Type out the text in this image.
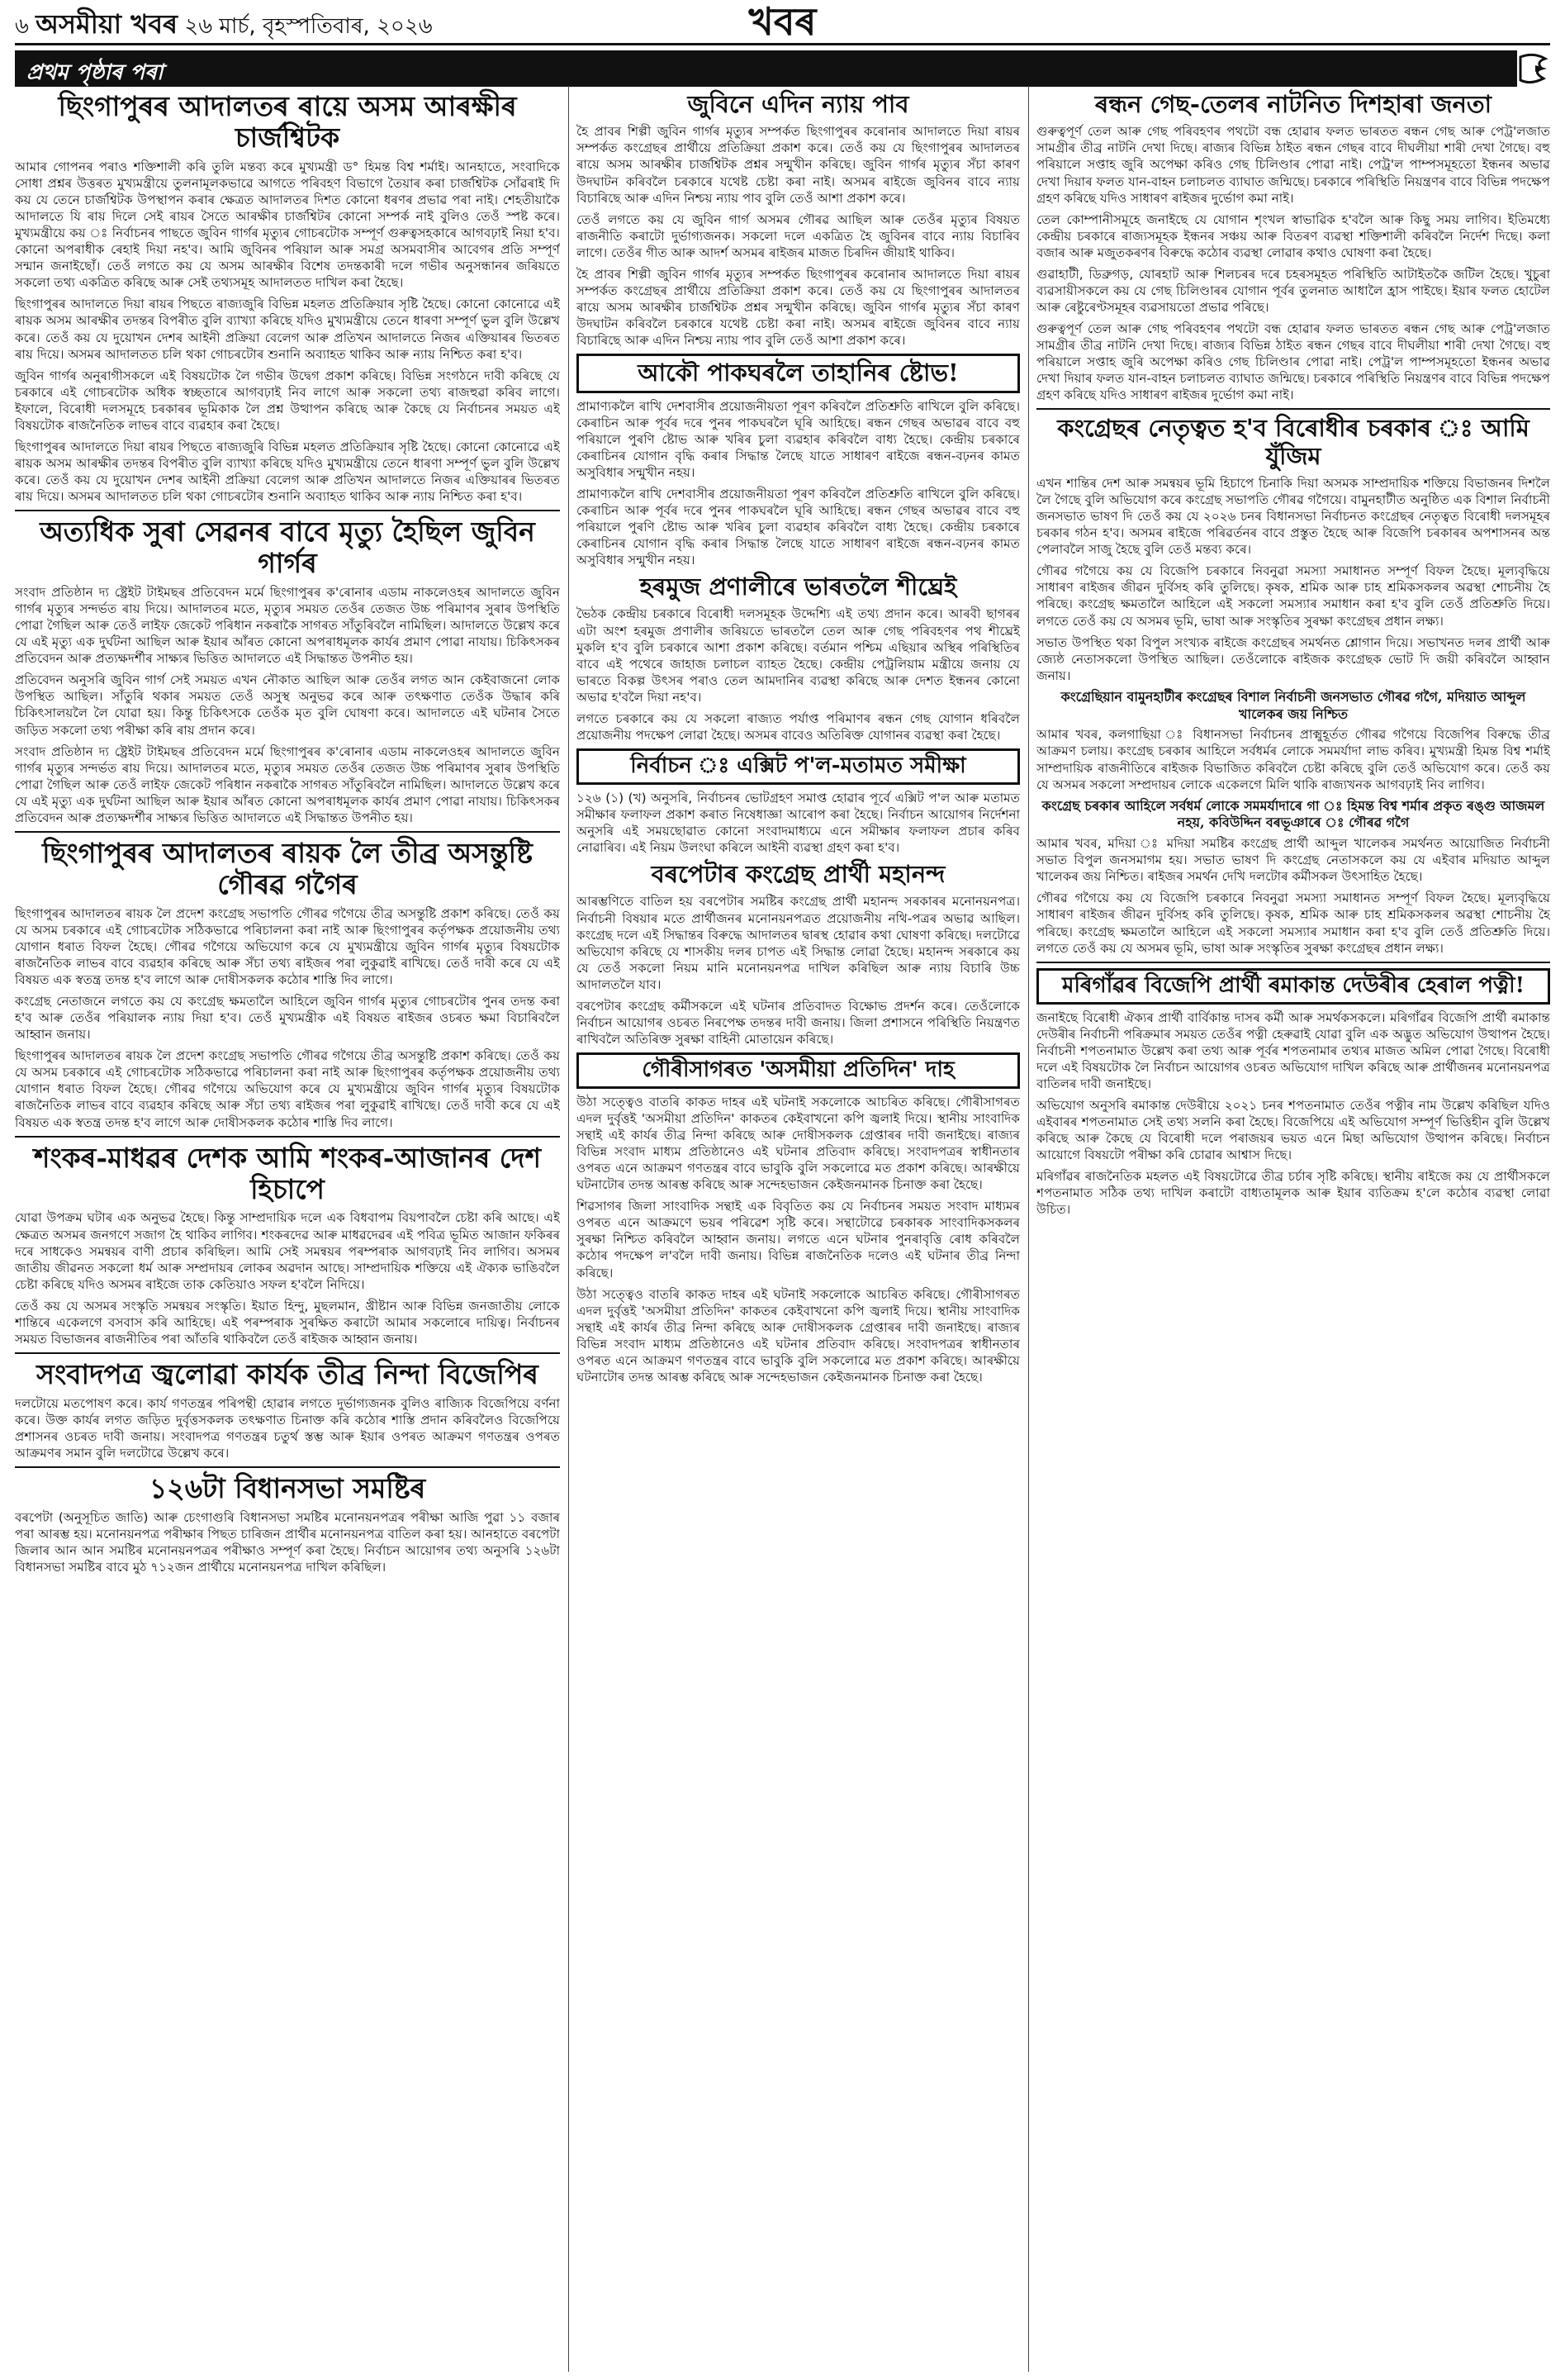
৬ অসমীয়া খবৰ ২৬ মাৰ্চ, বৃহস্পতিবাৰ, ২০২৬	খবৰ
প্ৰথম পৃষ্ঠাৰ পৰা
ছিংগাপুৰৰ আদালতৰ ৰায়ে অসম আৰক্ষীৰ চাৰ্জশ্বিটক

আমাৰ গোপনৰ পৰাও শক্তিশালী কৰি তুলি মন্তব্য কৰে মুখ্যমন্ত্ৰী ড° হিমন্ত বিশ্ব শৰ্মাই। আনহাতে, সংবাদিকে সোধা প্ৰশ্নৰ উত্তৰত মুখ্যমন্ত্ৰীয়ে তুলনামূলকভাৱে আগতে পৰিবহণ বিভাগে তৈয়াৰ কৰা চাৰ্জশ্বিটক সোঁৱৰাই দি কয় যে তেনে চাৰ্জশ্বিটক উপস্থাপন কৰাৰ ক্ষেত্ৰত আদালতৰ দিশত কোনো ধৰণৰ প্ৰভাৱ পৰা নাই। শেহতীয়াকৈ আদালতে যি ৰায় দিলে সেই ৰায়ৰ সৈতে আৰক্ষীৰ চাৰ্জশ্বিটৰ কোনো সম্পৰ্ক নাই বুলিও তেওঁ স্পষ্ট কৰে। মুখ্যমন্ত্ৰীয়ে কয় ঃ নিৰ্বাচনৰ পাছতে জুবিন গাৰ্গৰ মৃত্যুৰ গোচৰটোক সম্পূৰ্ণ গুৰুত্বসহকাৰে আগবঢ়াই নিয়া হ'ব। কোনো অপৰাধীক ৰেহাই দিয়া নহ'ব। আমি জুবিনৰ পৰিয়াল আৰু সমগ্ৰ অসমবাসীৰ আবেগৰ প্ৰতি সম্পূৰ্ণ সন্মান জনাইছোঁ। তেওঁ লগতে কয় যে অসম আৰক্ষীৰ বিশেষ তদন্তকাৰী দলে গভীৰ অনুসন্ধানৰ জৰিয়তে সকলো তথ্য একত্ৰিত কৰিছে আৰু সেই তথ্যসমূহ আদালতত দাখিল কৰা হৈছে।

ছিংগাপুৰৰ আদালতে দিয়া ৰায়ৰ পিছতে ৰাজ্যজুৰি বিভিন্ন মহলত প্ৰতিক্ৰিয়াৰ সৃষ্টি হৈছে। কোনো কোনোৱে এই ৰায়ক অসম আৰক্ষীৰ তদন্তৰ বিপৰীত বুলি ব্যাখ্যা কৰিছে যদিও মুখ্যমন্ত্ৰীয়ে তেনে ধাৰণা সম্পূৰ্ণ ভুল বুলি উল্লেখ কৰে। তেওঁ কয় যে দুয়োখন দেশৰ আইনী প্ৰক্ৰিয়া বেলেগ আৰু প্ৰতিখন আদালতে নিজৰ এক্তিয়াৰৰ ভিতৰত ৰায় দিয়ে। অসমৰ আদালতত চলি থকা গোচৰটোৰ শুনানি অব্যাহত থাকিব আৰু ন্যায় নিশ্চিত কৰা হ'ব।

জুবিন গাৰ্গৰ অনুৰাগীসকলে এই বিষয়টোক লৈ গভীৰ উদ্বেগ প্ৰকাশ কৰিছে। বিভিন্ন সংগঠনে দাবী কৰিছে যে চৰকাৰে এই গোচৰটোক অধিক স্বচ্ছতাৰে আগবঢ়াই নিব লাগে আৰু সকলো তথ্য ৰাজহুৱা কৰিব লাগে। ইফালে, বিৰোধী দলসমূহে চৰকাৰৰ ভূমিকাক লৈ প্ৰশ্ন উত্থাপন কৰিছে আৰু কৈছে যে নিৰ্বাচনৰ সময়ত এই বিষয়টোক ৰাজনৈতিক লাভৰ বাবে ব্যৱহাৰ কৰা হৈছে।

ছিংগাপুৰৰ আদালতে দিয়া ৰায়ৰ পিছতে ৰাজ্যজুৰি বিভিন্ন মহলত প্ৰতিক্ৰিয়াৰ সৃষ্টি হৈছে। কোনো কোনোৱে এই ৰায়ক অসম আৰক্ষীৰ তদন্তৰ বিপৰীত বুলি ব্যাখ্যা কৰিছে যদিও মুখ্যমন্ত্ৰীয়ে তেনে ধাৰণা সম্পূৰ্ণ ভুল বুলি উল্লেখ কৰে। তেওঁ কয় যে দুয়োখন দেশৰ আইনী প্ৰক্ৰিয়া বেলেগ আৰু প্ৰতিখন আদালতে নিজৰ এক্তিয়াৰৰ ভিতৰত ৰায় দিয়ে। অসমৰ আদালতত চলি থকা গোচৰটোৰ শুনানি অব্যাহত থাকিব আৰু ন্যায় নিশ্চিত কৰা হ'ব।

অত্যধিক সুৰা সেৱনৰ বাবে মৃত্যু হৈছিল জুবিন গাৰ্গৰ

সংবাদ প্ৰতিষ্ঠান দ্য ষ্ট্ৰেইট টাইমছৰ প্ৰতিবেদন মৰ্মে ছিংগাপুৰৰ ক'ৰোনাৰ এডাম নাকলেওহৰ আদালতে জুবিন গাৰ্গৰ মৃত্যুৰ সন্দৰ্ভত ৰায় দিয়ে। আদালতৰ মতে, মৃত্যুৰ সময়ত তেওঁৰ তেজত উচ্চ পৰিমাণৰ সুৰাৰ উপস্থিতি পোৱা গৈছিল আৰু তেওঁ লাইফ জেকেট পৰিধান নকৰাকৈ সাগৰত সাঁতুৰিবলৈ নামিছিল। আদালতে উল্লেখ কৰে যে এই মৃত্যু এক দুৰ্ঘটনা আছিল আৰু ইয়াৰ আঁৰত কোনো অপৰাধমূলক কাৰ্যৰ প্ৰমাণ পোৱা নাযায়। চিকিৎসকৰ প্ৰতিবেদন আৰু প্ৰত্যক্ষদৰ্শীৰ সাক্ষ্যৰ ভিত্তিত আদালতে এই সিদ্ধান্তত উপনীত হয়।

প্ৰতিবেদন অনুসৰি জুবিন গাৰ্গ সেই সময়ত এখন নৌকাত আছিল আৰু তেওঁৰ লগত আন কেইবাজনো লোক উপস্থিত আছিল। সাঁতুৰি থকাৰ সময়ত তেওঁ অসুস্থ অনুভৱ কৰে আৰু তৎক্ষণাত তেওঁক উদ্ধাৰ কৰি চিকিৎসালয়লৈ লৈ যোৱা হয়। কিন্তু চিকিৎসকে তেওঁক মৃত বুলি ঘোষণা কৰে। আদালতে এই ঘটনাৰ সৈতে জড়িত সকলো তথ্য পৰীক্ষা কৰি ৰায় প্ৰদান কৰে।

সংবাদ প্ৰতিষ্ঠান দ্য ষ্ট্ৰেইট টাইমছৰ প্ৰতিবেদন মৰ্মে ছিংগাপুৰৰ ক'ৰোনাৰ এডাম নাকলেওহৰ আদালতে জুবিন গাৰ্গৰ মৃত্যুৰ সন্দৰ্ভত ৰায় দিয়ে। আদালতৰ মতে, মৃত্যুৰ সময়ত তেওঁৰ তেজত উচ্চ পৰিমাণৰ সুৰাৰ উপস্থিতি পোৱা গৈছিল আৰু তেওঁ লাইফ জেকেট পৰিধান নকৰাকৈ সাগৰত সাঁতুৰিবলৈ নামিছিল। আদালতে উল্লেখ কৰে যে এই মৃত্যু এক দুৰ্ঘটনা আছিল আৰু ইয়াৰ আঁৰত কোনো অপৰাধমূলক কাৰ্যৰ প্ৰমাণ পোৱা নাযায়। চিকিৎসকৰ প্ৰতিবেদন আৰু প্ৰত্যক্ষদৰ্শীৰ সাক্ষ্যৰ ভিত্তিত আদালতে এই সিদ্ধান্তত উপনীত হয়।

ছিংগাপুৰৰ আদালতৰ ৰায়ক লৈ তীব্ৰ অসন্তুষ্টি গৌৰৱ গগৈৰ

ছিংগাপুৰৰ আদালতৰ ৰায়ক লৈ প্ৰদেশ কংগ্ৰেছ সভাপতি গৌৰৱ গগৈয়ে তীব্ৰ অসন্তুষ্টি প্ৰকাশ কৰিছে। তেওঁ কয় যে অসম চৰকাৰে এই গোচৰটোক সঠিকভাৱে পৰিচালনা কৰা নাই আৰু ছিংগাপুৰৰ কৰ্তৃপক্ষক প্ৰয়োজনীয় তথ্য যোগান ধৰাত বিফল হৈছে। গৌৰৱ গগৈয়ে অভিযোগ কৰে যে মুখ্যমন্ত্ৰীয়ে জুবিন গাৰ্গৰ মৃত্যুৰ বিষয়টোক ৰাজনৈতিক লাভৰ বাবে ব্যৱহাৰ কৰিছে আৰু সঁচা তথ্য ৰাইজৰ পৰা লুকুৱাই ৰাখিছে। তেওঁ দাবী কৰে যে এই বিষয়ত এক স্বতন্ত্ৰ তদন্ত হ'ব লাগে আৰু দোষীসকলক কঠোৰ শাস্তি দিব লাগে।

কংগ্ৰেছ নেতাজনে লগতে কয় যে কংগ্ৰেছ ক্ষমতালৈ আহিলে জুবিন গাৰ্গৰ মৃত্যুৰ গোচৰটোৰ পুনৰ তদন্ত কৰা হ'ব আৰু তেওঁৰ পৰিয়ালক ন্যায় দিয়া হ'ব। তেওঁ মুখ্যমন্ত্ৰীক এই বিষয়ত ৰাইজৰ ওচৰত ক্ষমা বিচাৰিবলৈ আহ্বান জনায়।

ছিংগাপুৰৰ আদালতৰ ৰায়ক লৈ প্ৰদেশ কংগ্ৰেছ সভাপতি গৌৰৱ গগৈয়ে তীব্ৰ অসন্তুষ্টি প্ৰকাশ কৰিছে। তেওঁ কয় যে অসম চৰকাৰে এই গোচৰটোক সঠিকভাৱে পৰিচালনা কৰা নাই আৰু ছিংগাপুৰৰ কৰ্তৃপক্ষক প্ৰয়োজনীয় তথ্য যোগান ধৰাত বিফল হৈছে। গৌৰৱ গগৈয়ে অভিযোগ কৰে যে মুখ্যমন্ত্ৰীয়ে জুবিন গাৰ্গৰ মৃত্যুৰ বিষয়টোক ৰাজনৈতিক লাভৰ বাবে ব্যৱহাৰ কৰিছে আৰু সঁচা তথ্য ৰাইজৰ পৰা লুকুৱাই ৰাখিছে। তেওঁ দাবী কৰে যে এই বিষয়ত এক স্বতন্ত্ৰ তদন্ত হ'ব লাগে আৰু দোষীসকলক কঠোৰ শাস্তি দিব লাগে।

শংকৰ-মাধৱৰ দেশক আমি শংকৰ-আজানৰ দেশ হিচাপে

যোৱা উপক্ৰম ঘটাৰ এক অনুভৱ হৈছে। কিন্তু সাম্প্ৰদায়িক দলে এক বিধবাপম বিয়পাবলৈ চেষ্টা কৰি আছে। এই ক্ষেত্ৰত অসমৰ জনগণে সজাগ হৈ থাকিব লাগিব। শংকৰদেৱ আৰু মাধৱদেৱৰ এই পবিত্ৰ ভূমিত আজান ফকিৰৰ দৰে সাধকেও সমন্বয়ৰ বাণী প্ৰচাৰ কৰিছিল। আমি সেই সমন্বয়ৰ পৰম্পৰাক আগবঢ়াই নিব লাগিব। অসমৰ জাতীয় জীৱনত সকলো ধৰ্ম আৰু সম্প্ৰদায়ৰ লোকৰ অৱদান আছে। সাম্প্ৰদায়িক শক্তিয়ে এই ঐক্যক ভাঙিবলৈ চেষ্টা কৰিছে যদিও অসমৰ ৰাইজে তাক কেতিয়াও সফল হ'বলৈ নিদিয়ে।

তেওঁ কয় যে অসমৰ সংস্কৃতি সমন্বয়ৰ সংস্কৃতি। ইয়াত হিন্দু, মুছলমান, খ্ৰীষ্টান আৰু বিভিন্ন জনজাতীয় লোকে শান্তিৰে একেলগে বসবাস কৰি আহিছে। এই পৰম্পৰাক সুৰক্ষিত কৰাটো আমাৰ সকলোৰে দায়িত্ব। নিৰ্বাচনৰ সময়ত বিভাজনৰ ৰাজনীতিৰ পৰা আঁতৰি থাকিবলৈ তেওঁ ৰাইজক আহ্বান জনায়।

সংবাদপত্ৰ জ্বলোৱা কাৰ্যক তীব্ৰ নিন্দা বিজেপিৰ

দলটোয়ে মতপোষণ কৰে। কাৰ্য গণতন্ত্ৰৰ পৰিপন্থী হোৱাৰ লগতে দুৰ্ভাগ্যজনক বুলিও ৰাজ্যিক বিজেপিয়ে বৰ্ণনা কৰে। উক্ত কাৰ্যৰ লগত জড়িত দুৰ্বৃত্তসকলক তৎক্ষণাত চিনাক্ত কৰি কঠোৰ শাস্তি প্ৰদান কৰিবলৈও বিজেপিয়ে প্ৰশাসনৰ ওচৰত দাবী জনায়। সংবাদপত্ৰ গণতন্ত্ৰৰ চতুৰ্থ স্তম্ভ আৰু ইয়াৰ ওপৰত আক্ৰমণ গণতন্ত্ৰৰ ওপৰত আক্ৰমণৰ সমান বুলি দলটোৱে উল্লেখ কৰে।

১২৬টা বিধানসভা সমষ্টিৰ

বৰপেটা (অনুসূচিত জাতি) আৰু চেংগাগুৰি বিধানসভা সমষ্টিৰ মনোনয়নপত্ৰৰ পৰীক্ষা আজি পুৱা ১১ বজাৰ পৰা আৰম্ভ হয়। মনোনয়নপত্ৰ পৰীক্ষাৰ পিছত চাৰিজন প্ৰাৰ্থীৰ মনোনয়নপত্ৰ বাতিল কৰা হয়। আনহাতে বৰপেটা জিলাৰ আন আন সমষ্টিৰ মনোনয়নপত্ৰৰ পৰীক্ষাও সম্পূৰ্ণ কৰা হৈছে। নিৰ্বাচন আয়োগৰ তথ্য অনুসৰি ১২৬টা বিধানসভা সমষ্টিৰ বাবে মুঠ ৭১২জন প্ৰাৰ্থীয়ে মনোনয়নপত্ৰ দাখিল কৰিছিল।

জুবিনে এদিন ন্যায় পাব

হৈ প্ৰাবৰ শিল্পী জুবিন গাৰ্গৰ মৃত্যুৰ সম্পৰ্কত ছিংগাপুৰৰ কৰোনাৰ আদালতে দিয়া ৰায়ৰ সম্পৰ্কত কংগ্ৰেছৰ প্ৰাৰ্থীয়ে প্ৰতিক্ৰিয়া প্ৰকাশ কৰে। তেওঁ কয় যে ছিংগাপুৰৰ আদালতৰ ৰায়ে অসম আৰক্ষীৰ চাৰ্জশ্বিটক প্ৰশ্নৰ সন্মুখীন কৰিছে। জুবিন গাৰ্গৰ মৃত্যুৰ সঁচা কাৰণ উদঘাটন কৰিবলৈ চৰকাৰে যথেষ্ট চেষ্টা কৰা নাই। অসমৰ ৰাইজে জুবিনৰ বাবে ন্যায় বিচাৰিছে আৰু এদিন নিশ্চয় ন্যায় পাব বুলি তেওঁ আশা প্ৰকাশ কৰে।

তেওঁ লগতে কয় যে জুবিন গাৰ্গ অসমৰ গৌৰৱ আছিল আৰু তেওঁৰ মৃত্যুৰ বিষয়ত ৰাজনীতি কৰাটো দুৰ্ভাগ্যজনক। সকলো দলে একত্ৰিত হৈ জুবিনৰ বাবে ন্যায় বিচাৰিব লাগে। তেওঁৰ গীত আৰু আদৰ্শ অসমৰ ৰাইজৰ মাজত চিৰদিন জীয়াই থাকিব।

হৈ প্ৰাবৰ শিল্পী জুবিন গাৰ্গৰ মৃত্যুৰ সম্পৰ্কত ছিংগাপুৰৰ কৰোনাৰ আদালতে দিয়া ৰায়ৰ সম্পৰ্কত কংগ্ৰেছৰ প্ৰাৰ্থীয়ে প্ৰতিক্ৰিয়া প্ৰকাশ কৰে। তেওঁ কয় যে ছিংগাপুৰৰ আদালতৰ ৰায়ে অসম আৰক্ষীৰ চাৰ্জশ্বিটক প্ৰশ্নৰ সন্মুখীন কৰিছে। জুবিন গাৰ্গৰ মৃত্যুৰ সঁচা কাৰণ উদঘাটন কৰিবলৈ চৰকাৰে যথেষ্ট চেষ্টা কৰা নাই। অসমৰ ৰাইজে জুবিনৰ বাবে ন্যায় বিচাৰিছে আৰু এদিন নিশ্চয় ন্যায় পাব বুলি তেওঁ আশা প্ৰকাশ কৰে।

আকৌ পাকঘৰলৈ তাহানিৰ ষ্টোভ!

প্ৰামাণ্যকলৈ ৰাখি দেশবাসীৰ প্ৰয়োজনীয়তা পূৰণ কৰিবলৈ প্ৰতিশ্ৰুতি ৰাখিলে বুলি কৰিছে। কেৰাচিন আৰু পূৰ্বৰ দৰে পুনৰ পাকঘৰলৈ ঘূৰি আহিছে। ৰন্ধন গেছৰ অভাৱৰ বাবে বহু পৰিয়ালে পুৰণি ষ্টোভ আৰু খৰিৰ চুলা ব্যৱহাৰ কৰিবলৈ বাধ্য হৈছে। কেন্দ্ৰীয় চৰকাৰে কেৰাচিনৰ যোগান বৃদ্ধি কৰাৰ সিদ্ধান্ত লৈছে যাতে সাধাৰণ ৰাইজে ৰন্ধন-বঢ়নৰ কামত অসুবিধাৰ সন্মুখীন নহয়।

প্ৰামাণ্যকলৈ ৰাখি দেশবাসীৰ প্ৰয়োজনীয়তা পূৰণ কৰিবলৈ প্ৰতিশ্ৰুতি ৰাখিলে বুলি কৰিছে। কেৰাচিন আৰু পূৰ্বৰ দৰে পুনৰ পাকঘৰলৈ ঘূৰি আহিছে। ৰন্ধন গেছৰ অভাৱৰ বাবে বহু পৰিয়ালে পুৰণি ষ্টোভ আৰু খৰিৰ চুলা ব্যৱহাৰ কৰিবলৈ বাধ্য হৈছে। কেন্দ্ৰীয় চৰকাৰে কেৰাচিনৰ যোগান বৃদ্ধি কৰাৰ সিদ্ধান্ত লৈছে যাতে সাধাৰণ ৰাইজে ৰন্ধন-বঢ়নৰ কামত অসুবিধাৰ সন্মুখীন নহয়।

হৰমুজ প্ৰণালীৰে ভাৰতলৈ শীঘ্ৰেই

ভৈঠক কেন্দ্ৰীয় চৰকাৰে বিৰোধী দলসমূহক উদ্দেশ্যি এই তথ্য প্ৰদান কৰে। আৰবী ছাগৰৰ এটা অংশ হৰমুজ প্ৰণালীৰ জৰিয়তে ভাৰতলৈ তেল আৰু গেছ পৰিবহণৰ পথ শীঘ্ৰেই মুকলি হ'ব বুলি চৰকাৰে আশা প্ৰকাশ কৰিছে। বৰ্তমান পশ্চিম এছিয়াৰ অস্থিৰ পৰিস্থিতিৰ বাবে এই পথেৰে জাহাজ চলাচল ব্যাহত হৈছে। কেন্দ্ৰীয় পেট্ৰলিয়াম মন্ত্ৰীয়ে জনায় যে ভাৰতে বিকল্প উৎসৰ পৰাও তেল আমদানিৰ ব্যৱস্থা কৰিছে আৰু দেশত ইন্ধনৰ কোনো অভাৱ হ'বলৈ দিয়া নহ'ব।

লগতে চৰকাৰে কয় যে সকলো ৰাজ্যত পৰ্যাপ্ত পৰিমাণৰ ৰন্ধন গেছ যোগান ধৰিবলৈ প্ৰয়োজনীয় পদক্ষেপ লোৱা হৈছে। অসমৰ বাবেও অতিৰিক্ত যোগানৰ ব্যৱস্থা কৰা হৈছে।

নিৰ্বাচন ঃ এক্সিট প'ল-মতামত সমীক্ষা

১২৬ (১) (খ) অনুসৰি, নিৰ্বাচনৰ ভোটগ্ৰহণ সমাপ্ত হোৱাৰ পূৰ্বে এক্সিট প'ল আৰু মতামত সমীক্ষাৰ ফলাফল প্ৰকাশ কৰাত নিষেধাজ্ঞা আৰোপ কৰা হৈছে। নিৰ্বাচন আয়োগৰ নিৰ্দেশনা অনুসৰি এই সময়ছোৱাত কোনো সংবাদমাধ্যমে এনে সমীক্ষাৰ ফলাফল প্ৰচাৰ কৰিব নোৱাৰিব। এই নিয়ম উলংঘা কৰিলে আইনী ব্যৱস্থা গ্ৰহণ কৰা হ'ব।

বৰপেটাৰ কংগ্ৰেছ প্ৰাৰ্থী মহানন্দ

আৰম্ভণিতে বাতিল হয় বৰপেটাৰ সমষ্টিৰ কংগ্ৰেছ প্ৰাৰ্থী মহানন্দ সৰকাৰৰ মনোনয়নপত্ৰ। নিৰ্বাচনী বিষয়াৰ মতে প্ৰাৰ্থীজনৰ মনোনয়নপত্ৰত প্ৰয়োজনীয় নথি-পত্ৰৰ অভাৱ আছিল। কংগ্ৰেছ দলে এই সিদ্ধান্তৰ বিৰুদ্ধে আদালতৰ দ্বাৰস্থ হোৱাৰ কথা ঘোষণা কৰিছে। দলটোৱে অভিযোগ কৰিছে যে শাসকীয় দলৰ চাপত এই সিদ্ধান্ত লোৱা হৈছে। মহানন্দ সৰকাৰে কয় যে তেওঁ সকলো নিয়ম মানি মনোনয়নপত্ৰ দাখিল কৰিছিল আৰু ন্যায় বিচাৰি উচ্চ আদালতলৈ যাব।

বৰপেটাৰ কংগ্ৰেছ কৰ্মীসকলে এই ঘটনাৰ প্ৰতিবাদত বিক্ষোভ প্ৰদৰ্শন কৰে। তেওঁলোকে নিৰ্বাচন আয়োগৰ ওচৰত নিৰপেক্ষ তদন্তৰ দাবী জনায়। জিলা প্ৰশাসনে পৰিস্থিতি নিয়ন্ত্ৰণত ৰাখিবলৈ অতিৰিক্ত সুৰক্ষা বাহিনী মোতায়েন কৰিছে।

গৌৰীসাগৰত 'অসমীয়া প্ৰতিদিন' দাহ

উঠা সত্ত্বেও বাতৰি কাকত দাহৰ এই ঘটনাই সকলোকে আচৰিত কৰিছে। গৌৰীসাগৰত এদল দুৰ্বৃত্তই 'অসমীয়া প্ৰতিদিন' কাকতৰ কেইবাখনো কপি জ্বলাই দিয়ে। স্থানীয় সাংবাদিক সন্থাই এই কাৰ্যৰ তীব্ৰ নিন্দা কৰিছে আৰু দোষীসকলক গ্ৰেপ্তাৰৰ দাবী জনাইছে। ৰাজ্যৰ বিভিন্ন সংবাদ মাধ্যম প্ৰতিষ্ঠানেও এই ঘটনাৰ প্ৰতিবাদ কৰিছে। সংবাদপত্ৰৰ স্বাধীনতাৰ ওপৰত এনে আক্ৰমণ গণতন্ত্ৰৰ বাবে ভাবুকি বুলি সকলোৱে মত প্ৰকাশ কৰিছে। আৰক্ষীয়ে ঘটনাটোৰ তদন্ত আৰম্ভ কৰিছে আৰু সন্দেহভাজন কেইজনমানক চিনাক্ত কৰা হৈছে।

শিৱসাগৰ জিলা সাংবাদিক সন্থাই এক বিবৃতিত কয় যে নিৰ্বাচনৰ সময়ত সংবাদ মাধ্যমৰ ওপৰত এনে আক্ৰমণে ভয়ৰ পৰিৱেশ সৃষ্টি কৰে। সন্থাটোৱে চৰকাৰক সাংবাদিকসকলৰ সুৰক্ষা নিশ্চিত কৰিবলৈ আহ্বান জনায়। লগতে এনে ঘটনাৰ পুনৰাবৃত্তি ৰোধ কৰিবলৈ কঠোৰ পদক্ষেপ ল'বলৈ দাবী জনায়। বিভিন্ন ৰাজনৈতিক দলেও এই ঘটনাৰ তীব্ৰ নিন্দা কৰিছে।

উঠা সত্ত্বেও বাতৰি কাকত দাহৰ এই ঘটনাই সকলোকে আচৰিত কৰিছে। গৌৰীসাগৰত এদল দুৰ্বৃত্তই 'অসমীয়া প্ৰতিদিন' কাকতৰ কেইবাখনো কপি জ্বলাই দিয়ে। স্থানীয় সাংবাদিক সন্থাই এই কাৰ্যৰ তীব্ৰ নিন্দা কৰিছে আৰু দোষীসকলক গ্ৰেপ্তাৰৰ দাবী জনাইছে। ৰাজ্যৰ বিভিন্ন সংবাদ মাধ্যম প্ৰতিষ্ঠানেও এই ঘটনাৰ প্ৰতিবাদ কৰিছে। সংবাদপত্ৰৰ স্বাধীনতাৰ ওপৰত এনে আক্ৰমণ গণতন্ত্ৰৰ বাবে ভাবুকি বুলি সকলোৱে মত প্ৰকাশ কৰিছে। আৰক্ষীয়ে ঘটনাটোৰ তদন্ত আৰম্ভ কৰিছে আৰু সন্দেহভাজন কেইজনমানক চিনাক্ত কৰা হৈছে।

ৰন্ধন গেছ-তেলৰ নাটনিত দিশহাৰা জনতা

গুৰুত্বপূৰ্ণ তেল আৰু গেছ পৰিবহণৰ পথটো বন্ধ হোৱাৰ ফলত ভাৰতত ৰন্ধন গেছ আৰু পেট্ৰ'লজাত সামগ্ৰীৰ তীব্ৰ নাটনি দেখা দিছে। ৰাজ্যৰ বিভিন্ন ঠাইত ৰন্ধন গেছৰ বাবে দীঘলীয়া শাৰী দেখা গৈছে। বহু পৰিয়ালে সপ্তাহ জুৰি অপেক্ষা কৰিও গেছ চিলিণ্ডাৰ পোৱা নাই। পেট্ৰ'ল পাম্পসমূহতো ইন্ধনৰ অভাৱ দেখা দিয়াৰ ফলত যান-বাহন চলাচলত ব্যাঘাত জন্মিছে। চৰকাৰে পৰিস্থিতি নিয়ন্ত্ৰণৰ বাবে বিভিন্ন পদক্ষেপ গ্ৰহণ কৰিছে যদিও সাধাৰণ ৰাইজৰ দুৰ্ভোগ কমা নাই।

তেল কোম্পানীসমূহে জনাইছে যে যোগান শৃংখল স্বাভাৱিক হ'বলৈ আৰু কিছু সময় লাগিব। ইতিমধ্যে কেন্দ্ৰীয় চৰকাৰে ৰাজ্যসমূহক ইন্ধনৰ সঞ্চয় আৰু বিতৰণ ব্যৱস্থা শক্তিশালী কৰিবলৈ নিৰ্দেশ দিছে। কলা বজাৰ আৰু মজুতকৰণৰ বিৰুদ্ধে কঠোৰ ব্যৱস্থা লোৱাৰ কথাও ঘোষণা কৰা হৈছে।

গুৱাহাটী, ডিব্ৰুগড়, যোৰহাট আৰু শিলচৰৰ দৰে চহৰসমূহত পৰিস্থিতি আটাইতকৈ জটিল হৈছে। খুচুৰা ব্যৱসায়ীসকলে কয় যে গেছ চিলিণ্ডাৰৰ যোগান পূৰ্বৰ তুলনাত আধালৈ হ্ৰাস পাইছে। ইয়াৰ ফলত হোটেল আৰু ৰেষ্টুৰেণ্টসমূহৰ ব্যৱসায়তো প্ৰভাৱ পৰিছে।

গুৰুত্বপূৰ্ণ তেল আৰু গেছ পৰিবহণৰ পথটো বন্ধ হোৱাৰ ফলত ভাৰতত ৰন্ধন গেছ আৰু পেট্ৰ'লজাত সামগ্ৰীৰ তীব্ৰ নাটনি দেখা দিছে। ৰাজ্যৰ বিভিন্ন ঠাইত ৰন্ধন গেছৰ বাবে দীঘলীয়া শাৰী দেখা গৈছে। বহু পৰিয়ালে সপ্তাহ জুৰি অপেক্ষা কৰিও গেছ চিলিণ্ডাৰ পোৱা নাই। পেট্ৰ'ল পাম্পসমূহতো ইন্ধনৰ অভাৱ দেখা দিয়াৰ ফলত যান-বাহন চলাচলত ব্যাঘাত জন্মিছে। চৰকাৰে পৰিস্থিতি নিয়ন্ত্ৰণৰ বাবে বিভিন্ন পদক্ষেপ গ্ৰহণ কৰিছে যদিও সাধাৰণ ৰাইজৰ দুৰ্ভোগ কমা নাই।

কংগ্ৰেছৰ নেতৃত্বত হ'ব বিৰোধীৰ চৰকাৰ ঃ আমি যুঁজিম

এখন শান্তিৰ দেশ আৰু সমন্বয়ৰ ভূমি হিচাপে চিনাকি দিয়া অসমক সাম্প্ৰদায়িক শক্তিয়ে বিভাজনৰ দিশলৈ লৈ গৈছে বুলি অভিযোগ কৰে কংগ্ৰেছ সভাপতি গৌৰৱ গগৈয়ে। বামুনহাটীত অনুষ্ঠিত এক বিশাল নিৰ্বাচনী জনসভাত ভাষণ দি তেওঁ কয় যে ২০২৬ চনৰ বিধানসভা নিৰ্বাচনত কংগ্ৰেছৰ নেতৃত্বত বিৰোধী দলসমূহৰ চৰকাৰ গঠন হ'ব। অসমৰ ৰাইজে পৰিৱৰ্তনৰ বাবে প্ৰস্তুত হৈছে আৰু বিজেপি চৰকাৰৰ অপশাসনৰ অন্ত পেলাবলৈ সাজু হৈছে বুলি তেওঁ মন্তব্য কৰে।

গৌৰৱ গগৈয়ে কয় যে বিজেপি চৰকাৰে নিবনুৱা সমস্যা সমাধানত সম্পূৰ্ণ বিফল হৈছে। মূল্যবৃদ্ধিয়ে সাধাৰণ ৰাইজৰ জীৱন দুৰ্বিসহ কৰি তুলিছে। কৃষক, শ্ৰমিক আৰু চাহ শ্ৰমিকসকলৰ অৱস্থা শোচনীয় হৈ পৰিছে। কংগ্ৰেছ ক্ষমতালৈ আহিলে এই সকলো সমস্যাৰ সমাধান কৰা হ'ব বুলি তেওঁ প্ৰতিশ্ৰুতি দিয়ে। লগতে তেওঁ কয় যে অসমৰ ভূমি, ভাষা আৰু সংস্কৃতিৰ সুৰক্ষা কংগ্ৰেছৰ প্ৰধান লক্ষ্য।

সভাত উপস্থিত থকা বিপুল সংখ্যক ৰাইজে কংগ্ৰেছৰ সমৰ্থনত শ্লোগান দিয়ে। সভাখনত দলৰ প্ৰাৰ্থী আৰু জ্যেষ্ঠ নেতাসকলো উপস্থিত আছিল। তেওঁলোকে ৰাইজক কংগ্ৰেছক ভোট দি জয়ী কৰিবলৈ আহ্বান জনায়।

কংগ্ৰেছিয়ান বামুনহাটীৰ কংগ্ৰেছৰ বিশাল নিৰ্বাচনী জনসভাত গৌৰৱ গগৈ, মদিয়াত আব্দুল খালেকৰ জয় নিশ্চিত

আমাৰ খবৰ, কলগাছিয়া ঃ বিধানসভা নিৰ্বাচনৰ প্ৰাক্মুহূৰ্তত গৌৰৱ গগৈয়ে বিজেপিৰ বিৰুদ্ধে তীব্ৰ আক্ৰমণ চলায়। কংগ্ৰেছ চৰকাৰ আহিলে সৰ্বধৰ্মৰ লোকে সমমৰ্যাদা লাভ কৰিব। মুখ্যমন্ত্ৰী হিমন্ত বিশ্ব শৰ্মাই সাম্প্ৰদায়িক ৰাজনীতিৰে ৰাইজক বিভাজিত কৰিবলৈ চেষ্টা কৰিছে বুলি তেওঁ অভিযোগ কৰে। তেওঁ কয় যে অসমৰ সকলো সম্প্ৰদায়ৰ লোকে একেলগে মিলি থাকি ৰাজ্যখনক আগবঢ়াই নিব লাগিব।

কংগ্ৰেছ চৰকাৰ আহিলে সৰ্বধৰ্ম লোকে সমমৰ্যাদাৰে গা ঃ হিমন্ত বিশ্ব শৰ্মাৰ প্ৰকৃত ৰঙ্গু আজমল নহয়, কবিউদ্দিন বৰভূঞাৰে ঃ গৌৰৱ গগৈ

আমাৰ খবৰ, মদিয়া ঃ মদিয়া সমষ্টিৰ কংগ্ৰেছ প্ৰাৰ্থী আব্দুল খালেকৰ সমৰ্থনত আয়োজিত নিৰ্বাচনী সভাত বিপুল জনসমাগম হয়। সভাত ভাষণ দি কংগ্ৰেছ নেতাসকলে কয় যে এইবাৰ মদিয়াত আব্দুল খালেকৰ জয় নিশ্চিত। ৰাইজৰ সমৰ্থন দেখি দলটোৰ কৰ্মীসকল উৎসাহিত হৈছে।

গৌৰৱ গগৈয়ে কয় যে বিজেপি চৰকাৰে নিবনুৱা সমস্যা সমাধানত সম্পূৰ্ণ বিফল হৈছে। মূল্যবৃদ্ধিয়ে সাধাৰণ ৰাইজৰ জীৱন দুৰ্বিসহ কৰি তুলিছে। কৃষক, শ্ৰমিক আৰু চাহ শ্ৰমিকসকলৰ অৱস্থা শোচনীয় হৈ পৰিছে। কংগ্ৰেছ ক্ষমতালৈ আহিলে এই সকলো সমস্যাৰ সমাধান কৰা হ'ব বুলি তেওঁ প্ৰতিশ্ৰুতি দিয়ে। লগতে তেওঁ কয় যে অসমৰ ভূমি, ভাষা আৰু সংস্কৃতিৰ সুৰক্ষা কংগ্ৰেছৰ প্ৰধান লক্ষ্য।

মৰিগাঁৱৰ বিজেপি প্ৰাৰ্থী ৰমাকান্ত দেউৰীৰ হেৰাল পত্নী!

জনাইছে বিৰোধী ঐক্যৰ প্ৰাৰ্থী বাৰ্বিকান্ত দাসৰ কৰ্মী আৰু সমৰ্থকসকলে। মৰিগাঁৱৰ বিজেপি প্ৰাৰ্থী ৰমাকান্ত দেউৰীৰ নিৰ্বাচনী পৰিক্ৰমাৰ সময়ত তেওঁৰ পত্নী হেৰুৱাই যোৱা বুলি এক অদ্ভুত অভিযোগ উত্থাপন হৈছে। নিৰ্বাচনী শপতনামাত উল্লেখ কৰা তথ্য আৰু পূৰ্বৰ শপতনামাৰ তথ্যৰ মাজত অমিল পোৱা গৈছে। বিৰোধী দলে এই বিষয়টোক লৈ নিৰ্বাচন আয়োগৰ ওচৰত অভিযোগ দাখিল কৰিছে আৰু প্ৰাৰ্থীজনৰ মনোনয়নপত্ৰ বাতিলৰ দাবী জনাইছে।

অভিযোগ অনুসৰি ৰমাকান্ত দেউৰীয়ে ২০২১ চনৰ শপতনামাত তেওঁৰ পত্নীৰ নাম উল্লেখ কৰিছিল যদিও এইবাৰৰ শপতনামাত সেই তথ্য সলনি কৰা হৈছে। বিজেপিয়ে এই অভিযোগ সম্পূৰ্ণ ভিত্তিহীন বুলি উল্লেখ কৰিছে আৰু কৈছে যে বিৰোধী দলে পৰাজয়ৰ ভয়ত এনে মিছা অভিযোগ উত্থাপন কৰিছে। নিৰ্বাচন আয়োগে বিষয়টো পৰীক্ষা কৰি চোৱাৰ আশ্বাস দিছে।

মৰিগাঁৱৰ ৰাজনৈতিক মহলত এই বিষয়টোৱে তীব্ৰ চৰ্চাৰ সৃষ্টি কৰিছে। স্থানীয় ৰাইজে কয় যে প্ৰাৰ্থীসকলে শপতনামাত সঠিক তথ্য দাখিল কৰাটো বাধ্যতামূলক আৰু ইয়াৰ ব্যতিক্ৰম হ'লে কঠোৰ ব্যৱস্থা লোৱা উচিত।
